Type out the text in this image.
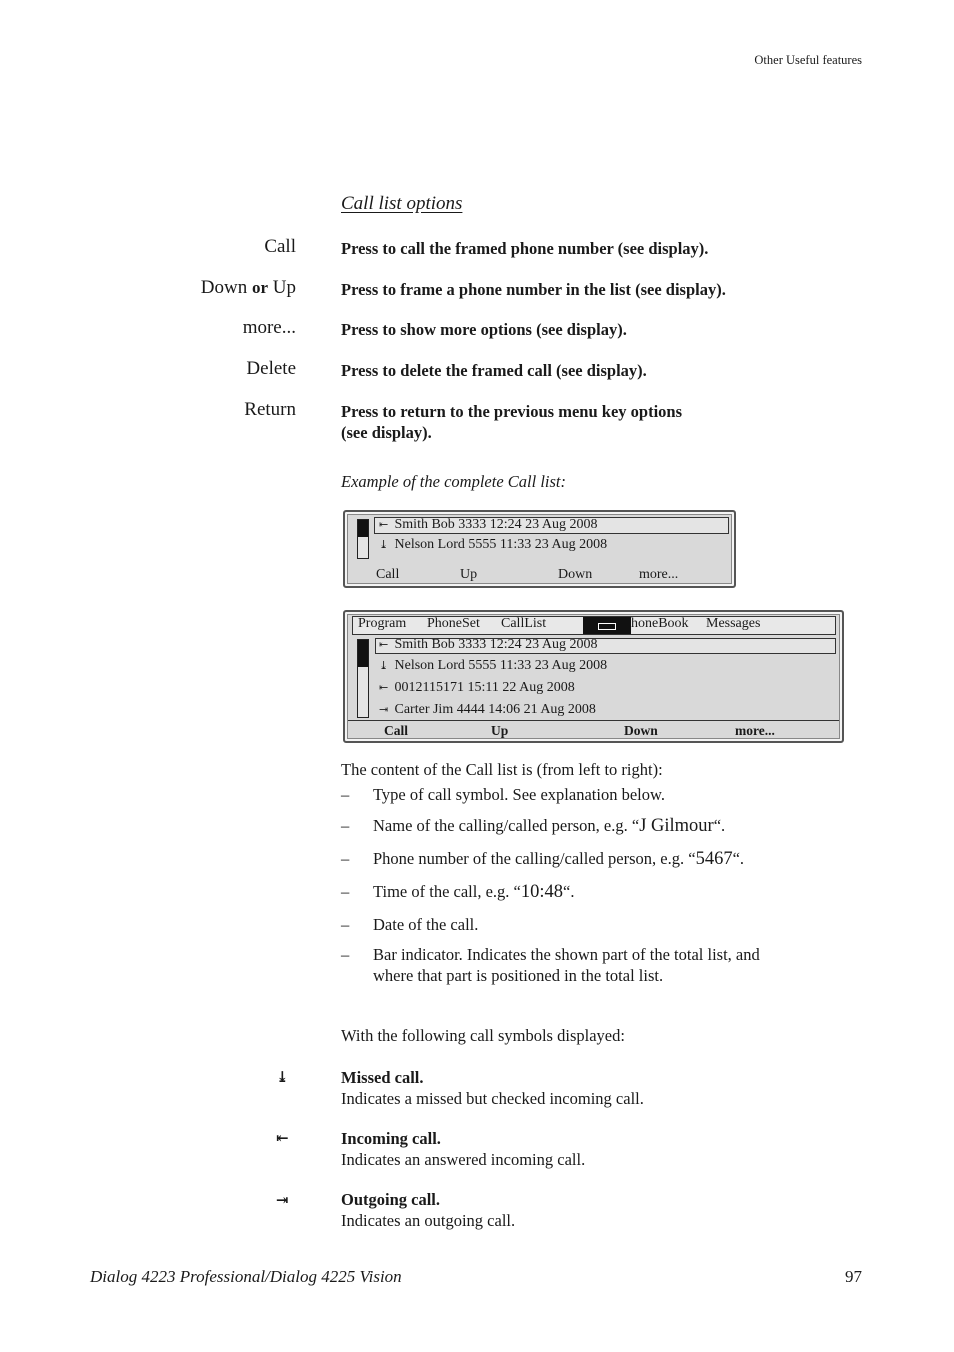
Other Useful features
Call list options
Call	Press to call the framed phone number (see display).
Down or Up	Press to frame a phone number in the list (see display).
more...	Press to show more options (see display).
Delete	Press to delete the framed call (see display).
Return	Press to return to the previous menu key options
(see display).
Example of the complete Call list:
⇤ Smith Bob 3333 12:24 23 Aug 2008
⤓ Nelson Lord 5555 11:33 23 Aug 2008
Call	Up	Down	more...
Program PhoneSet CallList	honeBook Messages
⇤ Smith Bob 3333 12:24 23 Aug 2008
⤓ Nelson Lord 5555 11:33 23 Aug 2008
⇤ 0012115171 15:11 22 Aug 2008
⇥ Carter Jim 4444 14:06 21 Aug 2008
Call	Up	Down	more...
The content of the Call list is (from left to right):
– Type of call symbol. See explanation below.
– Name of the calling/called person, e.g. “J Gilmour“.
– Phone number of the calling/called person, e.g. “5467“.
– Time of the call, e.g. “10:48“.
– Date of the call.
– Bar indicator. Indicates the shown part of the total list, and
where that part is positioned in the total list.
With the following call symbols displayed:
⤓	Missed call.
Indicates a missed but checked incoming call.
⇤	Incoming call.
Indicates an answered incoming call.
⇥	Outgoing call.
Indicates an outgoing call.
Dialog 4223 Professional/Dialog 4225 Vision	97
